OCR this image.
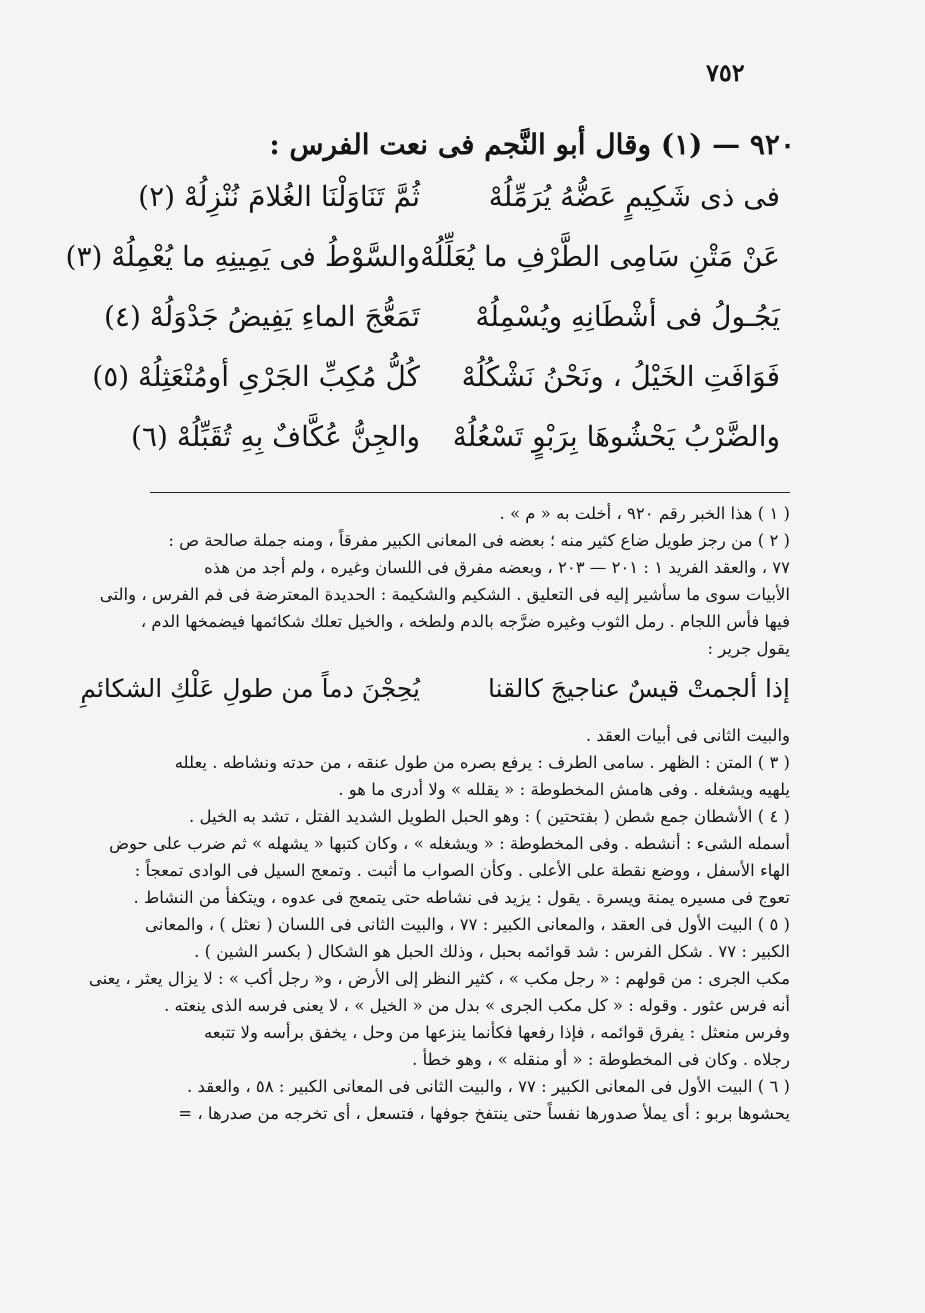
٧٥٢
٩٢٠ — (١) وقال أبو النَّجم فى نعت الفرس :
فى ذى شَكِيمٍ عَضُّهُ يُرَمِّلُهْ
ثُمَّ تَنَاوَلْنَا الغُلامَ نُنْزِلُهْ (٢)
عَنْ مَتْنِ سَامِى الطَّرْفِ ما يُعَلِّلُهْ
والسَّوْطُ فى يَمِينِهِ ما يُعْمِلُهْ (٣)
يَجُـولُ فى أشْطَانِهِ ويُسْمِلُهْ
تَمَعُّجَ الماءِ يَفِيضُ جَدْوَلُهْ (٤)
فَوَافَتِ الخَيْلُ ، ونَحْنُ نَشْكُلُهْ
كُلُّ مُكِبِّ الجَرْىِ أومُنْعَثِلُهْ (٥)
والضَّرْبُ يَحْشُوهَا بِرَبْوٍ تَسْعُلُهْ
والجِنُّ عُكَّافٌ بِهِ تُقَبِّلُهْ (٦)
( ١ ) هذا الخبر رقم ٩٢٠ ، أخلت به « م » .
( ٢ ) من رجز طويل ضاع كثير منه ؛ بعضه فى المعانى الكبير مفرقاً ، ومنه جملة صالحة ص :
٧٧ ، والعقد الفريد ١ : ٢٠١ — ٢٠٣ ، وبعضه مفرق فى اللسان وغيره ، ولم أجد من هذه
الأبيات سوى ما سأشير إليه فى التعليق . الشكيم والشكيمة : الحديدة المعترضة فى فم الفرس ، والتى
فيها فأس اللجام . رمل الثوب وغيره ضرَّجه بالدم ولطخه ، والخيل تعلك شكائمها فيضمخها الدم ،
يقول جرير :
إذا ألجمتْ قيسٌ عناجيجَ كالقنا
يُحِجْنَ دماً من طولِ عَلْكِ الشكائمِ
والبيت الثانى فى أبيات العقد .
( ٣ ) المتن : الظهر . سامى الطرف : يرفع بصره من طول عنقه ، من حدته ونشاطه . يعلله
يلهيه ويشغله . وفى هامش المخطوطة : « يقلله » ولا أدرى ما هو .
( ٤ ) الأشطان جمع شطن ( بفتحتين ) : وهو الحبل الطويل الشديد الفتل ، تشد به الخيل .
أسمله الشىء : أنشطه . وفى المخطوطة : « ويشغله » ، وكان كتبها « يشهله » ثم ضرب على حوض
الهاء الأسفل ، ووضع نقطة على الأعلى . وكأن الصواب ما أثبت . وتمعج السيل فى الوادى تمعجاً :
تعوج فى مسيره يمنة ويسرة . يقول : يزيد فى نشاطه حتى يتمعج فى عدوه ، ويتكفأ من النشاط .
( ٥ ) البيت الأول فى العقد ، والمعانى الكبير : ٧٧ ، والبيت الثانى فى اللسان ( نعثل ) ، والمعانى
الكبير : ٧٧ . شكل الفرس : شد قوائمه بحبل ، وذلك الحبل هو الشكال ( بكسر الشين ) .
مكب الجرى : من قولهم : « رجل مكب » ، كثير النظر إلى الأرض ، و« رجل أكب » : لا يزال يعثر ، يعنى
أنه فرس عثور . وقوله : « كل مكب الجرى » بدل من « الخيل » ، لا يعنى فرسه الذى ينعته .
وفرس منعثل : يفرق قوائمه ، فإذا رفعها فكأنما ينزعها من وحل ، يخفق برأسه ولا تتبعه
رجلاه . وكان فى المخطوطة : « أو منقله » ، وهو خطأ .
( ٦ ) البيت الأول فى المعانى الكبير : ٧٧ ، والبيت الثانى فى المعانى الكبير : ٥٨ ، والعقد .
يحشوها بربو : أى يملأ صدورها نفساً حتى ينتفخ جوفها ، فتسعل ، أى تخرجه من صدرها ، =
